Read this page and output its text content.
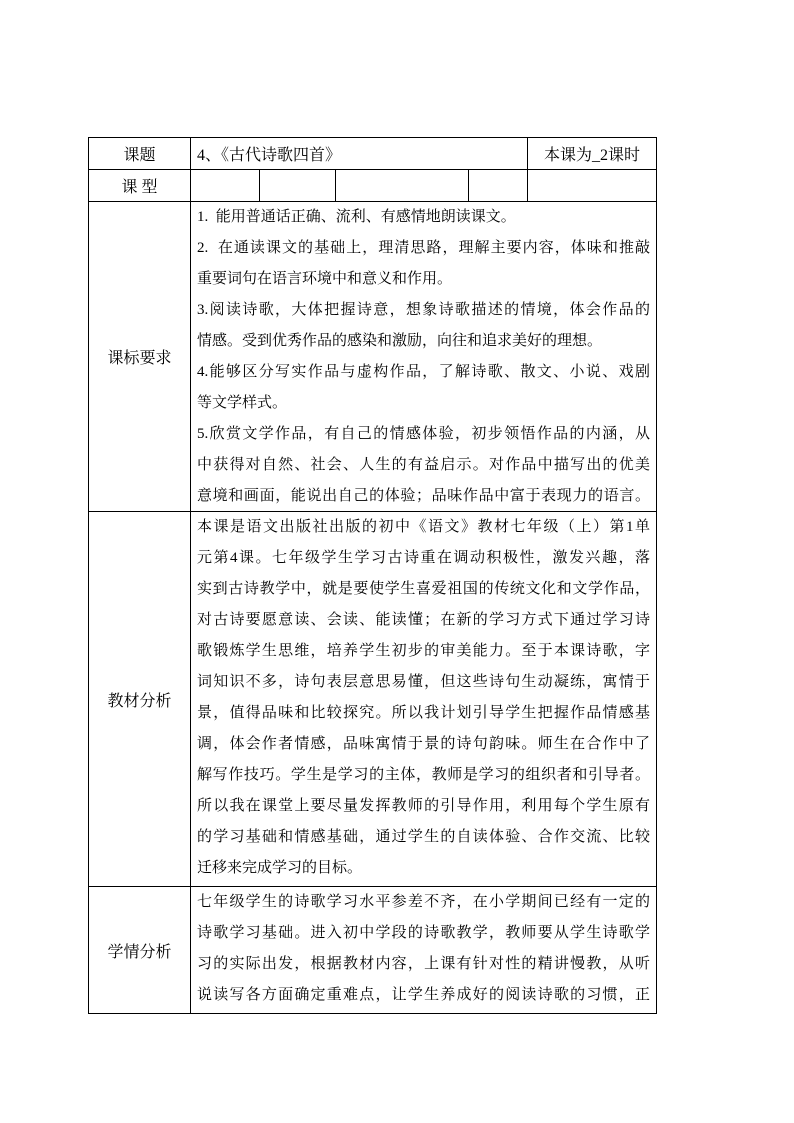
课题	4、《古代诗歌四首》	本课为_2课时
课 型
课标要求
1.  能用普通话正确、流利、有感情地朗读课文。
2.  在通读课文的基础上，理清思路，理解主要内容，体味和推敲
重要词句在语言环境中和意义和作用。
3.阅读诗歌，大体把握诗意，想象诗歌描述的情境，体会作品的
情感。受到优秀作品的感染和激励，向往和追求美好的理想。
4.能够区分写实作品与虚构作品，了解诗歌、散文、小说、戏剧
等文学样式。
5.欣赏文学作品，有自己的情感体验，初步领悟作品的内涵，从
中获得对自然、社会、人生的有益启示。对作品中描写出的优美
意境和画面，能说出自己的体验；品味作品中富于表现力的语言。
教材分析
本课是语文出版社出版的初中《语文》教材七年级（上）第1单
元第4课。七年级学生学习古诗重在调动积极性，激发兴趣，落
实到古诗教学中，就是要使学生喜爱祖国的传统文化和文学作品，
对古诗要愿意读、会读、能读懂；在新的学习方式下通过学习诗
歌锻炼学生思维，培养学生初步的审美能力。至于本课诗歌，字
词知识不多，诗句表层意思易懂，但这些诗句生动凝练，寓情于
景，值得品味和比较探究。所以我计划引导学生把握作品情感基
调，体会作者情感，品味寓情于景的诗句韵味。师生在合作中了
解写作技巧。学生是学习的主体，教师是学习的组织者和引导者。
所以我在课堂上要尽量发挥教师的引导作用，利用每个学生原有
的学习基础和情感基础，通过学生的自读体验、合作交流、比较
迁移来完成学习的目标。
学情分析
七年级学生的诗歌学习水平参差不齐，在小学期间已经有一定的
诗歌学习基础。进入初中学段的诗歌教学，教师要从学生诗歌学
习的实际出发，根据教材内容，上课有针对性的精讲慢教，从听
说读写各方面确定重难点，让学生养成好的阅读诗歌的习惯，正
